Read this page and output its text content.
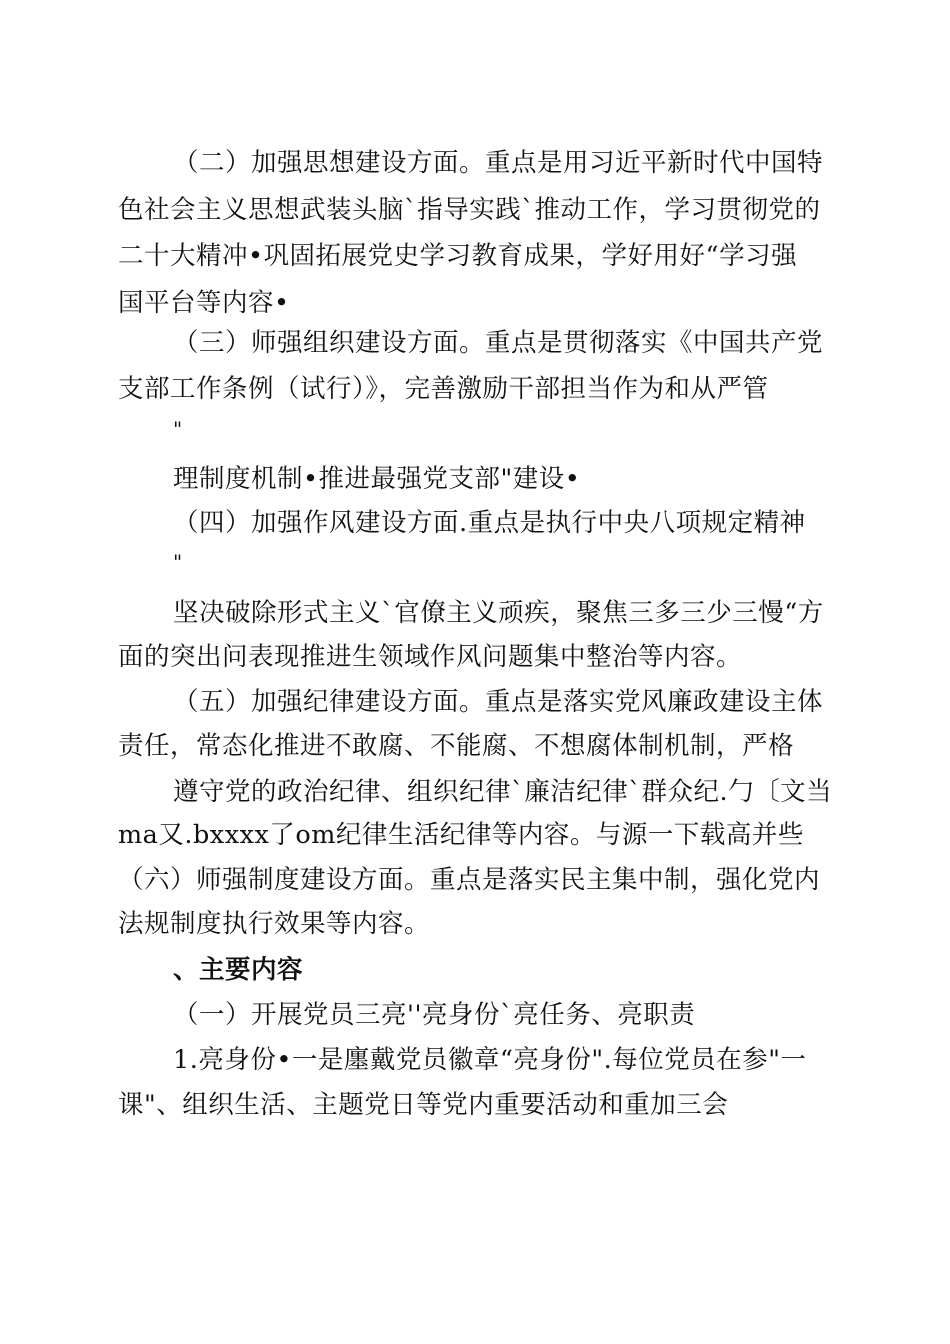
（二）加强思想建设方面。重点是用习近平新时代中国特
色社会主义思想武装头脑`指导实践`推动工作，学习贯彻党的
二十大精冲•巩固拓展党史学习教育成果，学好用好“学习强
国平台等内容•
（三）师强组织建设方面。重点是贯彻落实《中国共产党
支部工作条例（试行）》，完善激励干部担当作为和从严管
"
理制度机制•推进最强党支部"建设•
（四）加强作风建设方面.重点是执行中央八项规定精神
"
坚决破除形式主义`官僚主义顽疾，聚焦三多三少三慢“方
面的突出问表现推进生领域作风问题集中整治等内容。
（五）加强纪律建设方面。重点是落实党风廉政建设主体
责任，常态化推进不敢腐、不能腐、不想腐体制机制，严格
遵守党的政治纪律、组织纪律`廉洁纪律`群众纪.勹〔文当
ma又.bxxxx了om纪律生活纪律等内容。与源一下载高并些
（六）师强制度建设方面。重点是落实民主集中制，强化党内
法规制度执行效果等内容。
、主要内容
（一）开展党员三亮''亮身份`亮任务、亮职责
1.亮身份•一是廛戴党员徽章“亮身份".每位党员在参"一
课"、组织生活、主题党日等党内重要活动和重加三会
